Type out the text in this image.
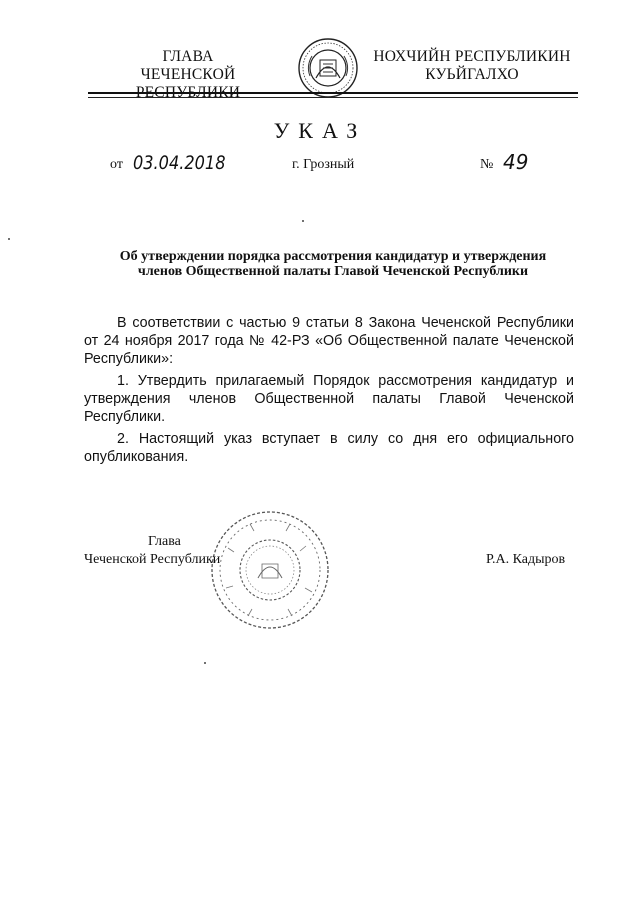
ГЛАВА
ЧЕЧЕНСКОЙ РЕСПУБЛИКИ
НОХЧИЙН РЕСПУБЛИКИН
КУЬЙГАЛХО
УКАЗ
от 03.04.2018	г. Грозный	№ 49
Об утверждении порядка рассмотрения кандидатур и утверждения
членов Общественной палаты Главой Чеченской Республики

В соответствии с частью 9 статьи 8 Закона Чеченской Республики от 24 ноября 2017 года № 42-РЗ «Об Общественной палате Чеченской Республики»:

1. Утвердить прилагаемый Порядок рассмотрения кандидатур и утверждения членов Общественной палаты Главой Чеченской Республики.

2. Настоящий указ вступает в силу со дня его официального опубликования.

Глава
Чеченской Республики	Р.А. Кадыров
